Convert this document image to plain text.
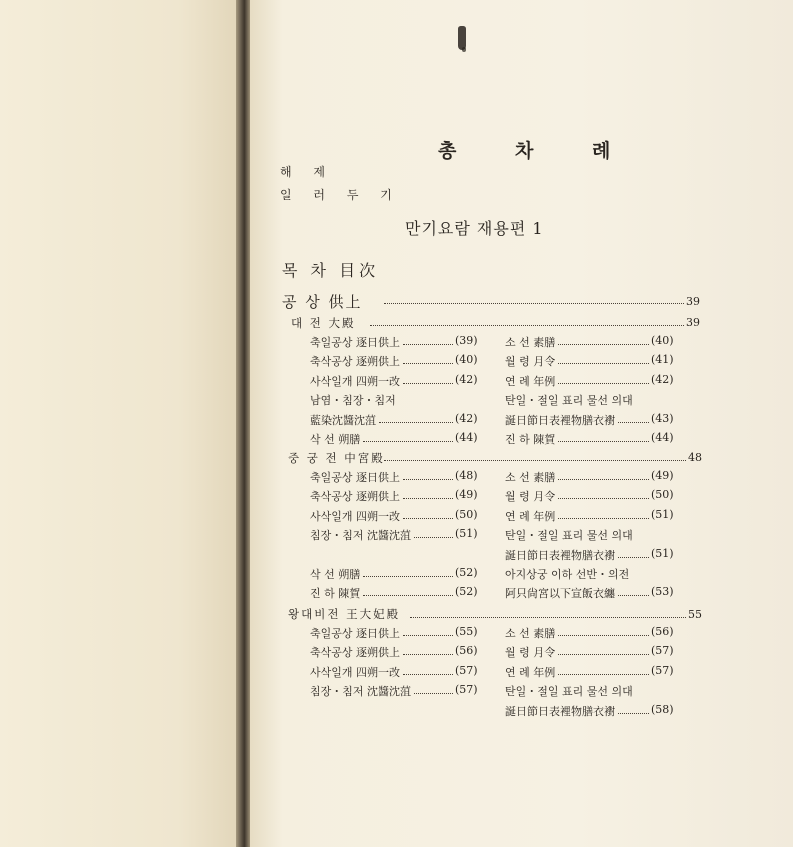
총 차 례
해 제
일 러 두 기
만기요람 재용편 1
목 차 目次
공 상 供上	39
대 전 大殿	39
축일공상 逐日供上	(39) 소 선 素膳	(40)
축삭공상 逐朔供上	(40) 월 령 月令	(41)
사삭일개 四朔一改	(42) 연 례 年例	(42)
남염・침장・침저	탄일・절일 표리 물선 의대
藍染沈醬沈菹	(42) 誕日節日表裡物膳衣襨	(43)
삭 선 朔膳	(44) 진 하 陳賀	(44)
중 궁 전 中宮殿	48
축일공상 逐日供上	(48) 소 선 素膳	(49)
축삭공상 逐朔供上	(49) 월 령 月令	(50)
사삭일개 四朔一改	(50) 연 례 年例	(51)
침장・침저 沈醬沈菹	(51) 탄일・절일 표리 물선 의대
誕日節日表裡物膳衣襨	(51)
삭 선 朔膳	(52) 아지상궁 이하 선반・의전
진 하 陳賀	(52) 阿只尙宮以下宣飯衣纏	(53)
왕대비전 王大妃殿	55
축일공상 逐日供上	(55) 소 선 素膳	(56)
축삭공상 逐朔供上	(56) 월 령 月令	(57)
사삭일개 四朔一改	(57) 연 례 年例	(57)
침장・침저 沈醬沈菹	(57) 탄일・절일 표리 물선 의대
誕日節日表裡物膳衣襨	(58)
